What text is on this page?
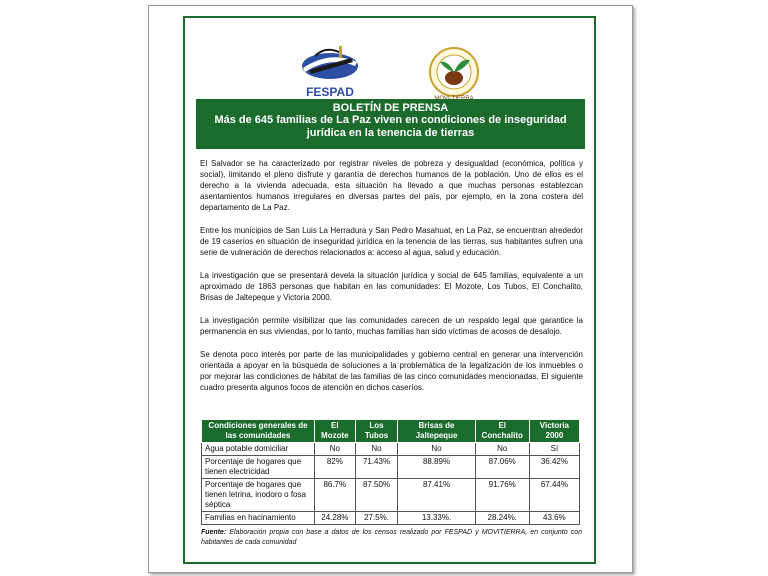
FESPAD
BOLETÍN DE PRENSA
Más de 645 familias de La Paz viven en condiciones de inseguridad jurídica en la tenencia de tierras

El Salvador se ha caracterizado por registrar niveles de pobreza y desigualdad (económica, política y social), limitando el pleno disfrute y garantía de derechos humanos de la población. Uno de ellos es el derecho a la vivienda adecuada, esta situación ha llevado a que muchas personas establezcan asentamientos humanos irregulares en diversas partes del país, por ejemplo, en la zona costera del departamento de La Paz.

Entre los municipios de San Luis La Herradura y San Pedro Masahuat, en La Paz, se encuentran alrededor de 19 caseríos en situación de inseguridad jurídica en la tenencia de las tierras, sus habitantes sufren una serie de vulneración de derechos relacionados a: acceso al agua, salud y educación.

La investigación que se presentará devela la situación jurídica y social de 645 familias, equivalente a un aproximado de 1863 personas que habitan en las comunidades: El Mozote, Los Tubos, El Conchalito, Brisas de Jaltepeque y Victoria 2000.

La investigación permite visibilizar que las comunidades carecen de un respaldo legal que garantice la permanencia en sus viviendas, por lo tanto, muchas familias han sido víctimas de acosos de desalojo.

Se denota poco interés por parte de las municipalidades y gobierno central en generar una intervención orientada a apoyar en la búsqueda de soluciones a la problemática de la legalización de los inmuebles o por mejorar las condiciones de hábitat de las familias de las cinco comunidades mencionadas. El siguiente cuadro presenta algunos focos de atención en dichos caseríos.

Condiciones generales de las comunidades	El Mozote	Los Tubos	Brisas de Jaltepeque	El Conchalito	Victoria 2000
Agua potable domiciliar	No	No	No	No	Sí
Porcentaje de hogares que tienen electricidad	82%	71.43%	88.89%	87.06%	36.42%
Porcentaje de hogares que tienen letrina, inodoro o fosa séptica	86.7%	87.50%	87.41%	91.76%	67.44%
Familias en hacinamiento	24.28%	27.5%.	13.33%.	28.24%.	43.6%
Fuente: Elaboración propia con base a datos de los censos realizado por FESPAD y MOVITIERRA, en conjunto con habitantes de cada comunidad
